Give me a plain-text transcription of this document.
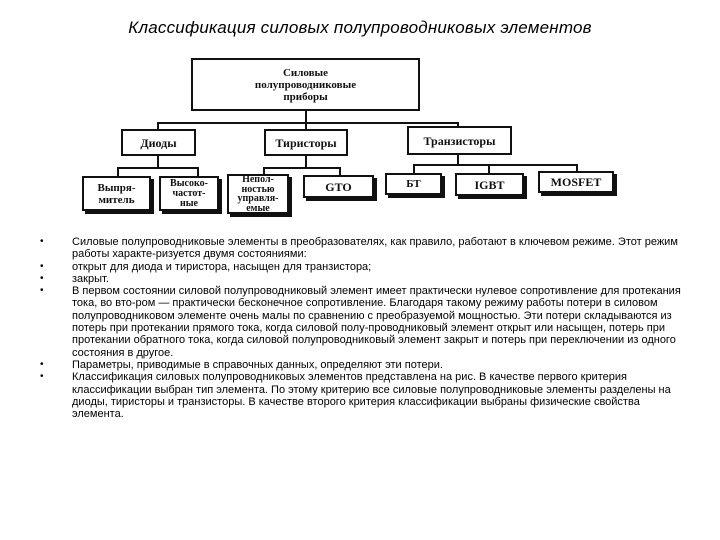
Классификация силовых полупроводниковых элементов
Силовые
полупроводниковые
приборы
Диоды	Тиристоры	Транзисторы
Выпря-
митель
Высоко-
частот-
ные
Непол-
ностью
управля-
емые
GTO	БТ	IGBT	MOSFET
• Силовые полупроводниковые элементы в преобразователях, как правило, работают в ключевом режиме. Этот режим работы характе-ризуется двумя состояниями:
• открыт для диода и тиристора, насыщен для транзистора;
• закрыт.
• В первом состоянии силовой полупроводниковый элемент имеет практически нулевое сопротивление для протекания тока, во вто-ром — практически бесконечное сопротивление. Благодаря такому режиму работы потери в силовом полупроводниковом элементе очень малы по сравнению с преобразуемой мощностью. Эти потери складываются из потерь при протекании прямого тока, когда силовой полу-проводниковый элемент открыт или насыщен, потерь при протекании обратного тока, когда силовой полупроводниковый элемент закрыт и потерь при переключении из одного состояния в другое.
• Параметры, приводимые в справочных данных, определяют эти потери.
• Классификация силовых полупроводниковых элементов представлена на рис. В качестве первого критерия классификации выбран тип элемента. По этому критерию все силовые полупроводниковые элементы разделены на диоды, тиристоры и транзисторы. В качестве второго критерия классификации выбраны физические свойства элемента.
